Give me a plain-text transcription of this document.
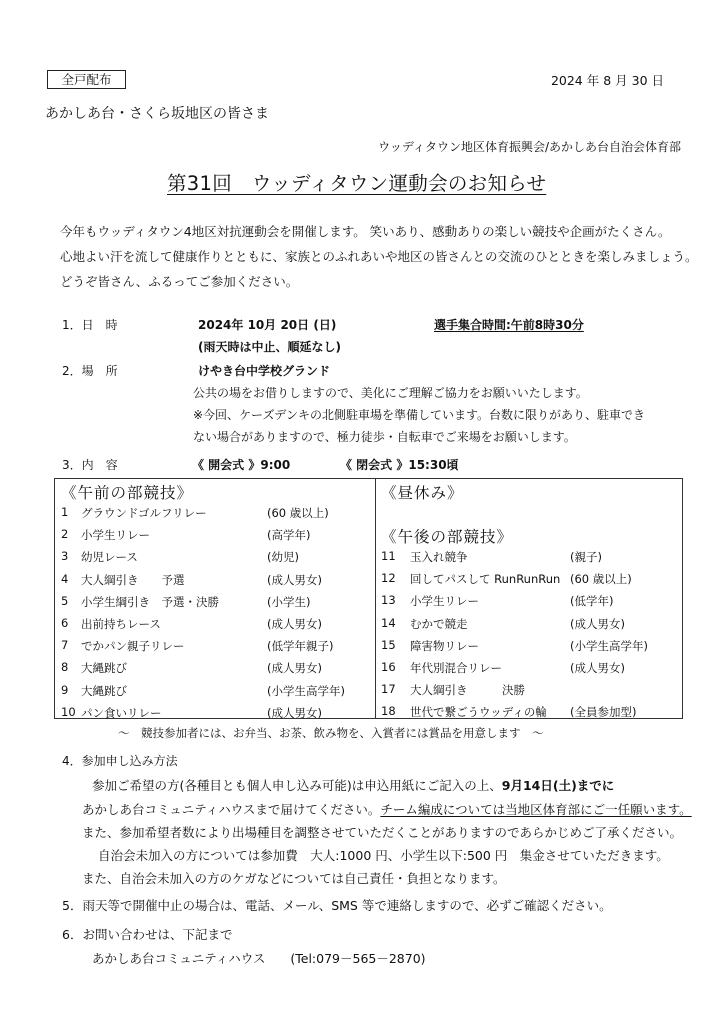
全戸配布	2024 年 8 月 30 日
あかしあ台・さくら坂地区の皆さま
ウッディタウン地区体育振興会/あかしあ台自治会体育部
第31回　ウッディタウン運動会のお知らせ
今年もウッディタウン4地区対抗運動会を開催します。 笑いあり、感動ありの楽しい競技や企画がたくさん。
心地よい汗を流して健康作りとともに、家族とのふれあいや地区の皆さんとの交流のひとときを楽しみましょう。
どうぞ皆さん、ふるってご参加ください。
1．日　時	2024年 10月 20日 (日)	選手集合時間:午前8時30分
(雨天時は中止、順延なし)
2．場　所	けやき台中学校グランド
公共の場をお借りしますので、美化にご理解ご協力をお願いいたします。
※今回、ケーズデンキの北側駐車場を準備しています。台数に限りがあり、駐車でき
ない場合がありますので、極力徒歩・自転車でご来場をお願いします。
3．内　容	《 開会式 》9:00	《 閉会式 》15:30頃
《午前の部競技》	《昼休み》
《午後の部競技》
1 グラウンドゴルフリレー	(60 歳以上)
2 小学生リレー	(高学年)
3 幼児レース	(幼児)
4 大人綱引き　　予選	(成人男女)
5 小学生綱引き　予選・決勝	(小学生)
6 出前持ちレース	(成人男女)
7 でかパン親子リレー	(低学年親子)
8 大縄跳び	(成人男女)
9 大縄跳び	(小学生高学年)
10 パン食いリレー	(成人男女)
11 玉入れ競争	(親子)
12 回してパスして RunRunRun (60 歳以上)
13 小学生リレー	(低学年)
14 むかで競走	(成人男女)
15 障害物リレー	(小学生高学年)
16 年代別混合リレー	(成人男女)
17 大人綱引き　　　決勝
18 世代で繋ごうウッディの輪 (全員参加型)
～　競技参加者には、お弁当、お茶、飲み物を、入賞者には賞品を用意します　～
4．参加申し込み方法
参加ご希望の方(各種目とも個人申し込み可能)は申込用紙にご記入の上、9月14日(土)までに
あかしあ台コミュニティハウスまで届けてください。チーム編成については当地区体育部にご一任願います。
また、参加希望者数により出場種目を調整させていただくことがありますのであらかじめご了承ください。
自治会未加入の方については参加費　大人:1000 円、小学生以下:500 円　集金させていただきます。
また、自治会未加入の方のケガなどについては自己責任・負担となります。
5．雨天等で開催中止の場合は、電話、メール、SMS 等で連絡しますので、必ずご確認ください。
6．お問い合わせは、下記まで
あかしあ台コミュニティハウス　　(Tel:079－565－2870)
